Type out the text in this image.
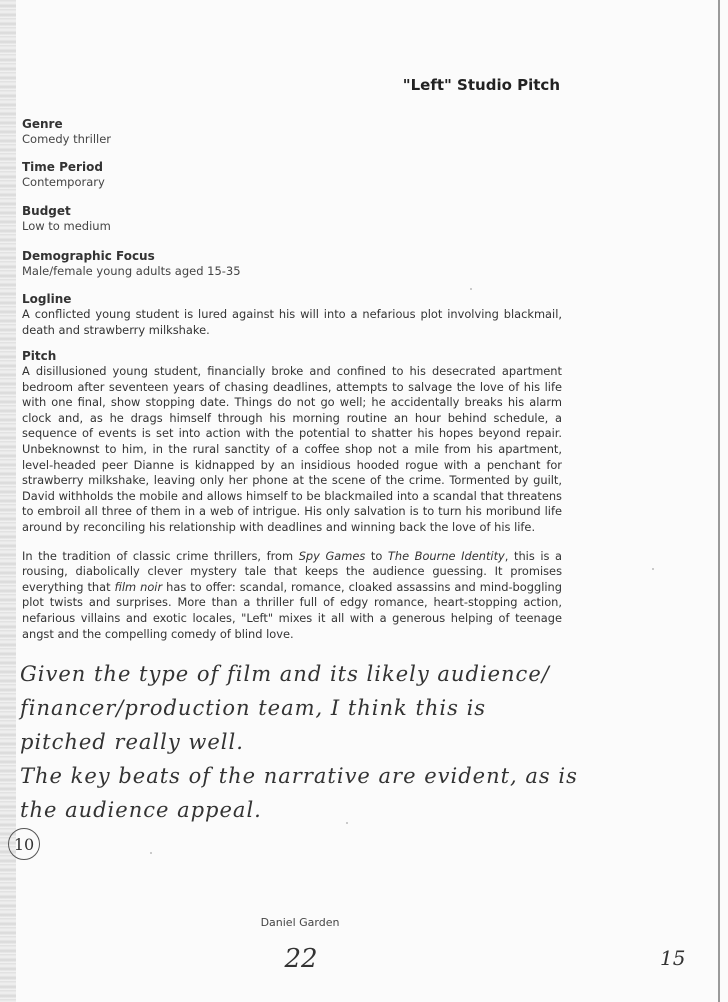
"Left" Studio Pitch

Genre

Comedy thriller

Time Period

Contemporary

Budget

Low to medium

Demographic Focus

Male/female young adults aged 15-35

Logline

A conflicted young student is lured against his will into a nefarious plot involving blackmail, death and strawberry milkshake.

Pitch

A disillusioned young student, financially broke and confined to his desecrated apartment bedroom after seventeen years of chasing deadlines, attempts to salvage the love of his life with one final, show stopping date. Things do not go well; he accidentally breaks his alarm clock and, as he drags himself through his morning routine an hour behind schedule, a sequence of events is set into action with the potential to shatter his hopes beyond repair. Unbeknownst to him, in the rural sanctity of a coffee shop not a mile from his apartment, level-headed peer Dianne is kidnapped by an insidious hooded rogue with a penchant for strawberry milkshake, leaving only her phone at the scene of the crime. Tormented by guilt, David withholds the mobile and allows himself to be blackmailed into a scandal that threatens to embroil all three of them in a web of intrigue. His only salvation is to turn his moribund life around by reconciling his relationship with deadlines and winning back the love of his life.

In the tradition of classic crime thrillers, from Spy Games to The Bourne Identity, this is a rousing, diabolically clever mystery tale that keeps the audience guessing. It promises everything that film noir has to offer: scandal, romance, cloaked assassins and mind-boggling plot twists and surprises. More than a thriller full of edgy romance, heart-stopping action, nefarious villains and exotic locales, "Left" mixes it all with a generous helping of teenage angst and the compelling comedy of blind love.

Given the type of film and its likely audience/
financer/production team, I think this is
pitched really well.
The key beats of the narrative are evident, as is
the audience appeal.
10
Daniel Garden
22	15
